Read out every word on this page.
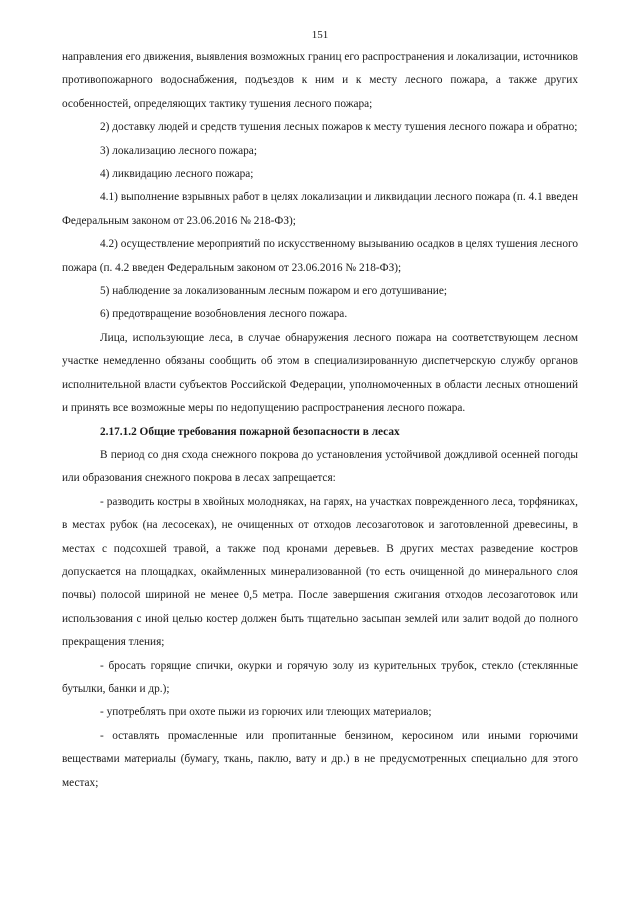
151

направления его движения, выявления возможных границ его распространения и локализации, источников противопожарного водоснабжения, подъездов к ним и к месту лесного пожара, а также других особенностей, определяющих тактику тушения лесного пожара;

2) доставку людей и средств тушения лесных пожаров к месту тушения лесного пожара и обратно;

3) локализацию лесного пожара;

4) ликвидацию лесного пожара;

4.1) выполнение взрывных работ в целях локализации и ликвидации лесного пожара (п. 4.1 введен Федеральным законом от 23.06.2016 № 218-ФЗ);

4.2) осуществление мероприятий по искусственному вызыванию осадков в целях тушения лесного пожара (п. 4.2 введен Федеральным законом от 23.06.2016 № 218-ФЗ);

5) наблюдение за локализованным лесным пожаром и его дотушивание;

6) предотвращение возобновления лесного пожара.

Лица, использующие леса, в случае обнаружения лесного пожара на соответствующем лесном участке немедленно обязаны сообщить об этом в специализированную диспетчерскую службу органов исполнительной власти субъектов Российской Федерации, уполномоченных в области лесных отношений и принять все возможные меры по недопущению распространения лесного пожара.

2.17.1.2 Общие требования пожарной безопасности в лесах

В период со дня схода снежного покрова до установления устойчивой дождливой осенней погоды или образования снежного покрова в лесах запрещается:

- разводить костры в хвойных молодняках, на гарях, на участках поврежденного леса, торфяниках, в местах рубок (на лесосеках), не очищенных от отходов лесозаготовок и заготовленной древесины, в местах с подсохшей травой, а также под кронами деревьев. В других местах разведение костров допускается на площадках, окаймленных минерализованной (то есть очищенной до минерального слоя почвы) полосой шириной не менее 0,5 метра. После завершения сжигания отходов лесозаготовок или использования с иной целью костер должен быть тщательно засыпан землей или залит водой до полного прекращения тления;

- бросать горящие спички, окурки и горячую золу из курительных трубок, стекло (стеклянные бутылки, банки и др.);

- употреблять при охоте пыжи из горючих или тлеющих материалов;

- оставлять промасленные или пропитанные бензином, керосином или иными горючими веществами материалы (бумагу, ткань, паклю, вату и др.) в не предусмотренных специально для этого местах;
